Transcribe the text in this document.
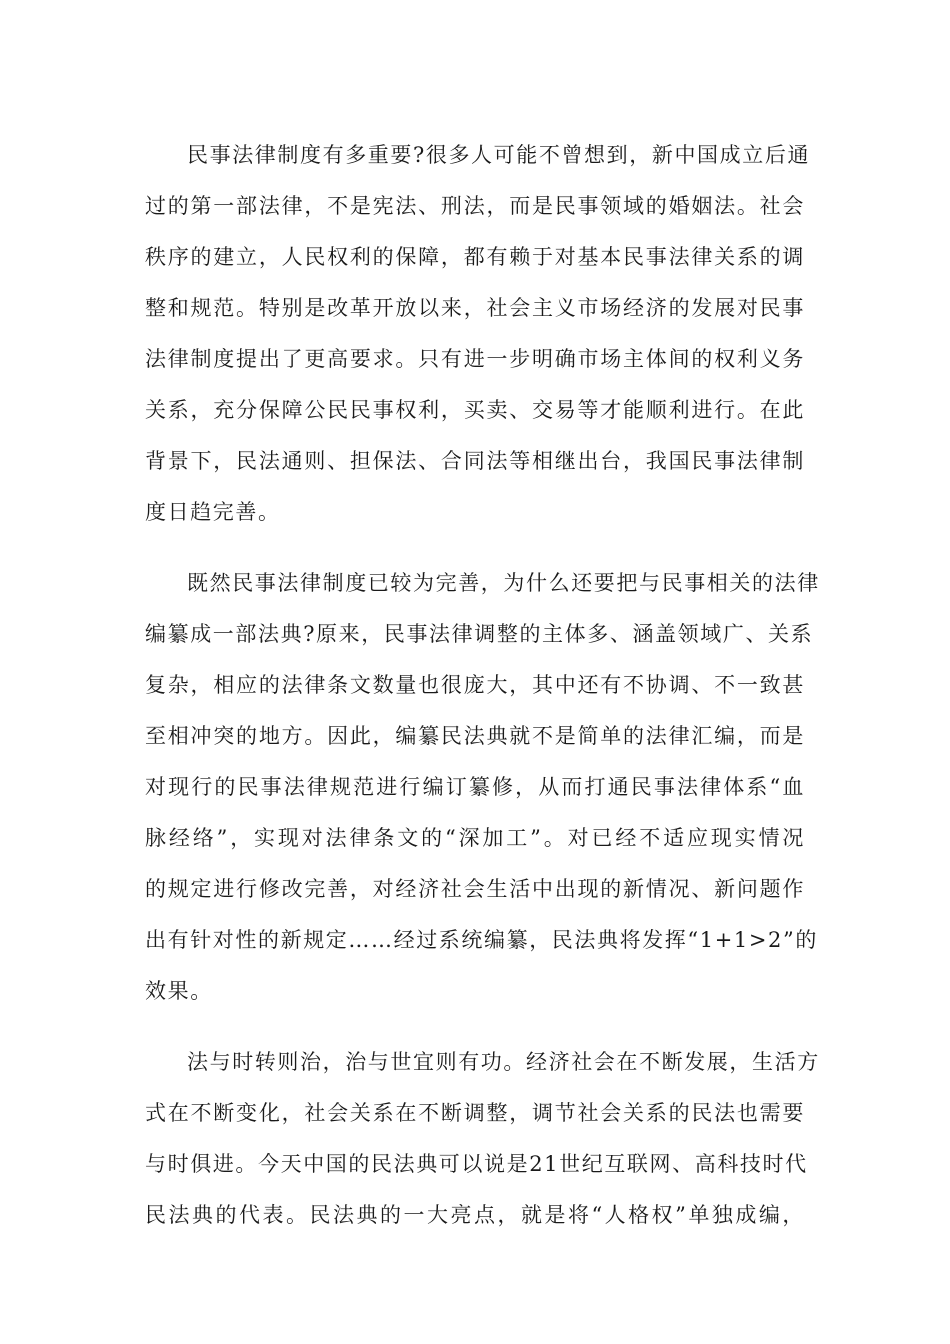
民事法律制度有多重要?很多人可能不曾想到，新中国成立后通
过的第一部法律，不是宪法、刑法，而是民事领域的婚姻法。社会
秩序的建立，人民权利的保障，都有赖于对基本民事法律关系的调
整和规范。特别是改革开放以来，社会主义市场经济的发展对民事
法律制度提出了更高要求。只有进一步明确市场主体间的权利义务
关系，充分保障公民民事权利，买卖、交易等才能顺利进行。在此
背景下，民法通则、担保法、合同法等相继出台，我国民事法律制
度日趋完善。

既然民事法律制度已较为完善，为什么还要把与民事相关的法律
编纂成一部法典?原来，民事法律调整的主体多、涵盖领域广、关系
复杂，相应的法律条文数量也很庞大，其中还有不协调、不一致甚
至相冲突的地方。因此，编纂民法典就不是简单的法律汇编，而是
对现行的民事法律规范进行编订纂修，从而打通民事法律体系“血
脉经络”，实现对法律条文的“深加工”。对已经不适应现实情况
的规定进行修改完善，对经济社会生活中出现的新情况、新问题作
出有针对性的新规定……经过系统编纂，民法典将发挥“1+1>2”的
效果。

法与时转则治，治与世宜则有功。经济社会在不断发展，生活方
式在不断变化，社会关系在不断调整，调节社会关系的民法也需要
与时俱进。今天中国的民法典可以说是21世纪互联网、高科技时代
民法典的代表。民法典的一大亮点，就是将“人格权”单独成编，
